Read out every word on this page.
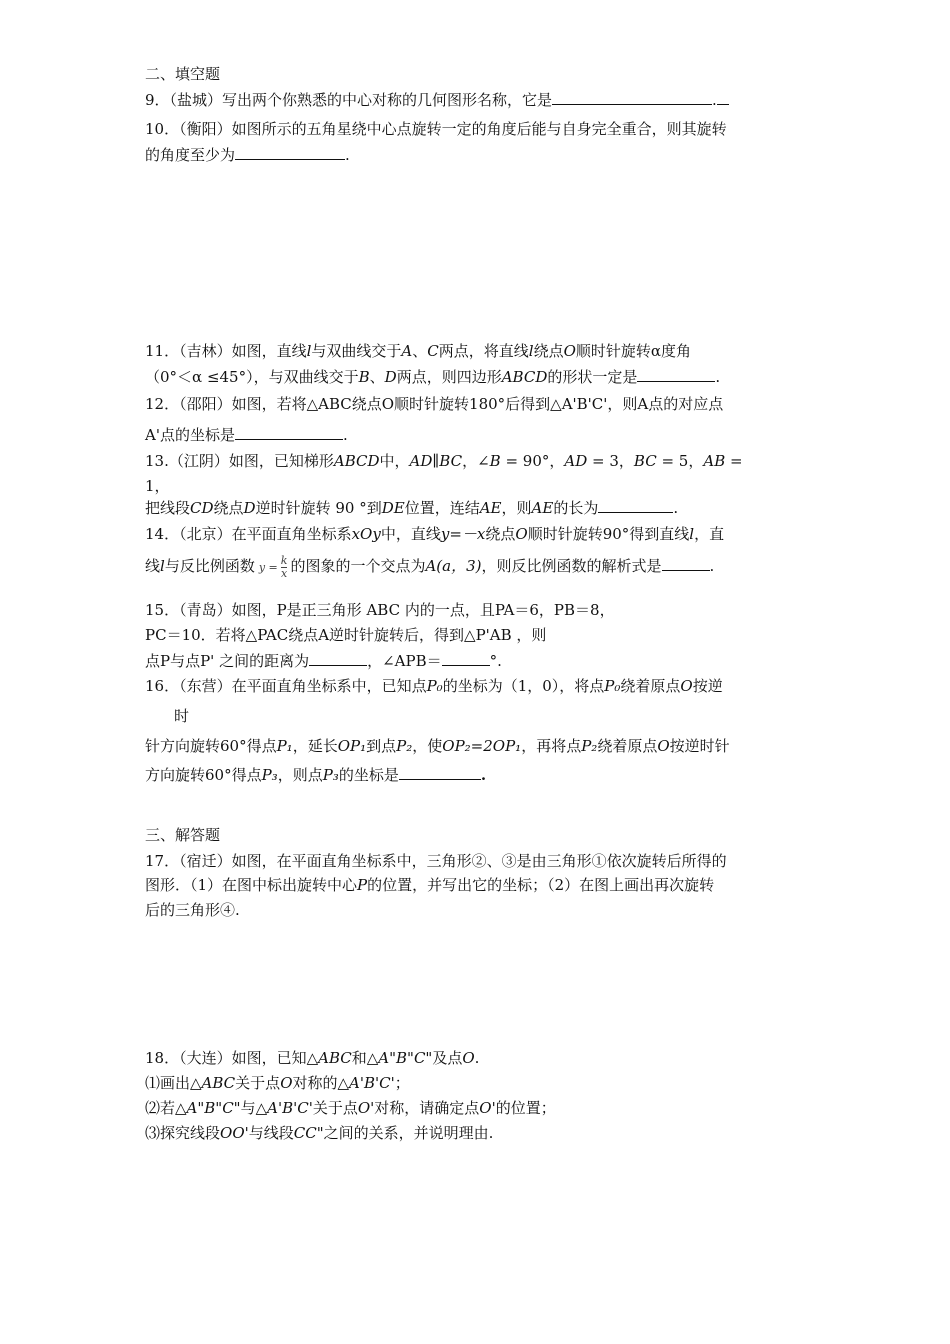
二、填空题
9．（盐城）写出两个你熟悉的中心对称的几何图形名称，它是	.
10．（衡阳）如图所示的五角星绕中心点旋转一定的角度后能与自身完全重合，则其旋转
的角度至少为	.
11．（吉林）如图，直线l与双曲线交于A、C两点，将直线l绕点O顺时针旋转α度角
（0°＜α ≤45°），与双曲线交于B、D两点，则四边形ABCD的形状一定是	.
12．（邵阳）如图，若将△ABC绕点O顺时针旋转180°后得到△A'B'C'，则A点的对应点
A'点的坐标是	.
13.（江阴）如图，已知梯形ABCD中，AD∥BC，∠B = 90°，AD = 3，BC = 5，AB =
1，
把线段CD绕点D逆时针旋转 90 °到DE位置，连结AE，则AE的长为	.
14．（北京）在平面直角坐标系xOy中，直线y=－x绕点O顺时针旋转90°得到直线l，直
线l与反比例函数 $y = \frac{k}{x}$ 的图象的一个交点为A(a，3)，则反比例函数的解析式是	.
15．（青岛）如图，P是正三角形 ABC 内的一点，且PA＝6，PB＝8，
PC＝10．若将△PAC绕点A逆时针旋转后，得到△P'AB ，则
点P与点P' 之间的距离为	，∠APB＝	°.
16．（东营）在平面直角坐标系中，已知点P₀的坐标为（1，0），将点P₀绕着原点O按逆
时
针方向旋转60°得点P₁，延长OP₁到点P₂，使OP₂=2OP₁，再将点P₂绕着原点O按逆时针
方向旋转60°得点P₃，则点P₃的坐标是	.
三、解答题
17．（宿迁）如图，在平面直角坐标系中，三角形②、③是由三角形①依次旋转后所得的
图形．（1）在图中标出旋转中心P的位置，并写出它的坐标；（2）在图上画出再次旋转
后的三角形④.
18．（大连）如图，已知△ABC和△A"B"C"及点O.
⑴画出△ABC关于点O对称的△A'B'C'；
⑵若△A"B"C"与△A'B'C'关于点O'对称，请确定点O'的位置；
⑶探究线段OO'与线段CC"之间的关系，并说明理由.
